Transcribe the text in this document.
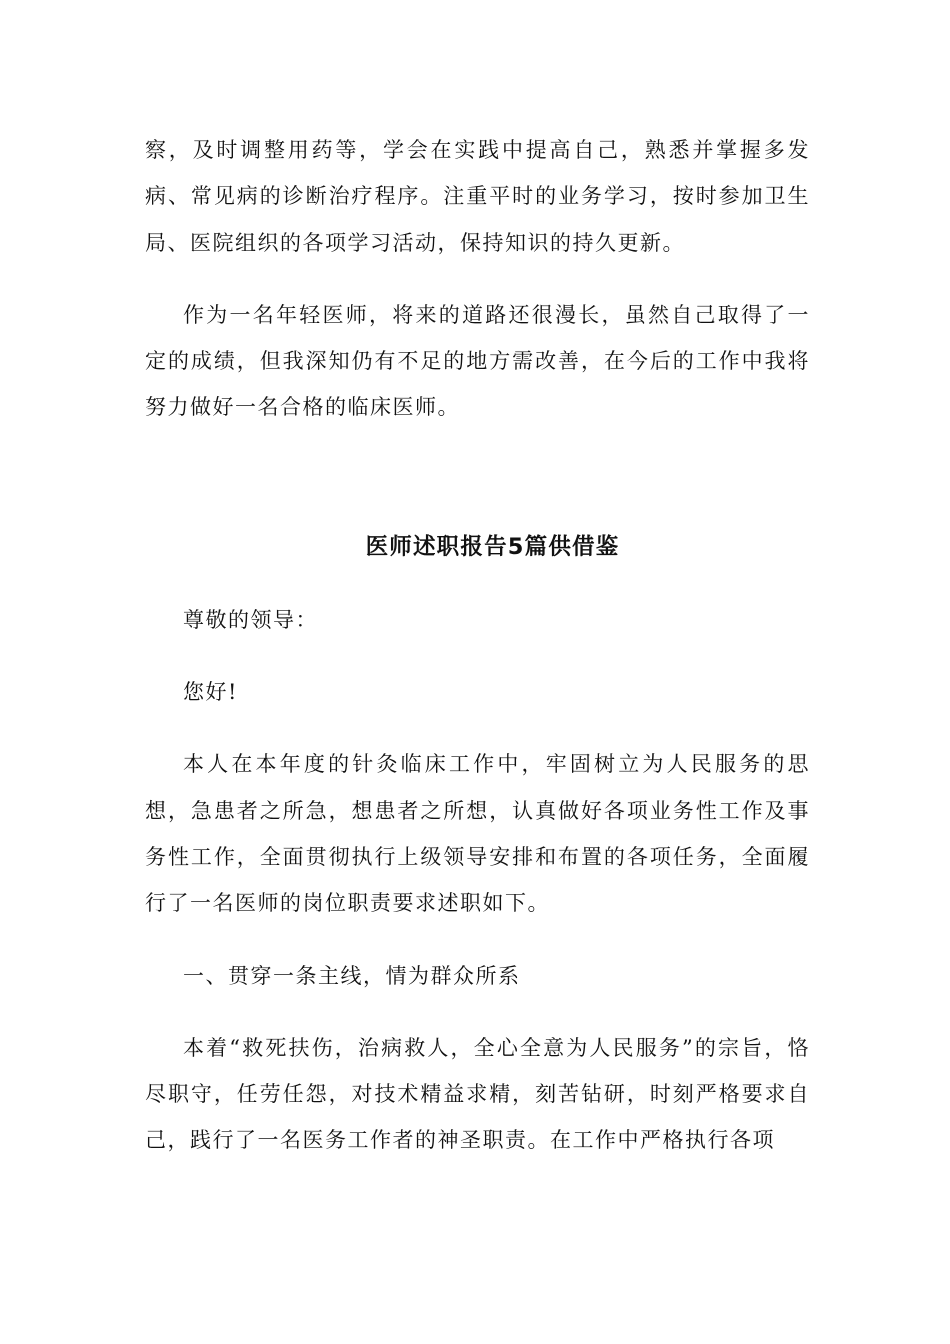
察，及时调整用药等，学会在实践中提高自己，熟悉并掌握多发病、常见病的诊断治疗程序。注重平时的业务学习，按时参加卫生局、医院组织的各项学习活动，保持知识的持久更新。

作为一名年轻医师，将来的道路还很漫长，虽然自己取得了一定的成绩，但我深知仍有不足的地方需改善，在今后的工作中我将努力做好一名合格的临床医师。

医师述职报告5篇供借鉴

尊敬的领导：

您好!

本人在本年度的针灸临床工作中，牢固树立为人民服务的思想，急患者之所急，想患者之所想，认真做好各项业务性工作及事务性工作，全面贯彻执行上级领导安排和布置的各项任务，全面履行了一名医师的岗位职责要求述职如下。

一、贯穿一条主线，情为群众所系

本着“救死扶伤，治病救人，全心全意为人民服务”的宗旨，恪尽职守，任劳任怨，对技术精益求精，刻苦钻研，时刻严格要求自己，践行了一名医务工作者的神圣职责。在工作中严格执行各项
